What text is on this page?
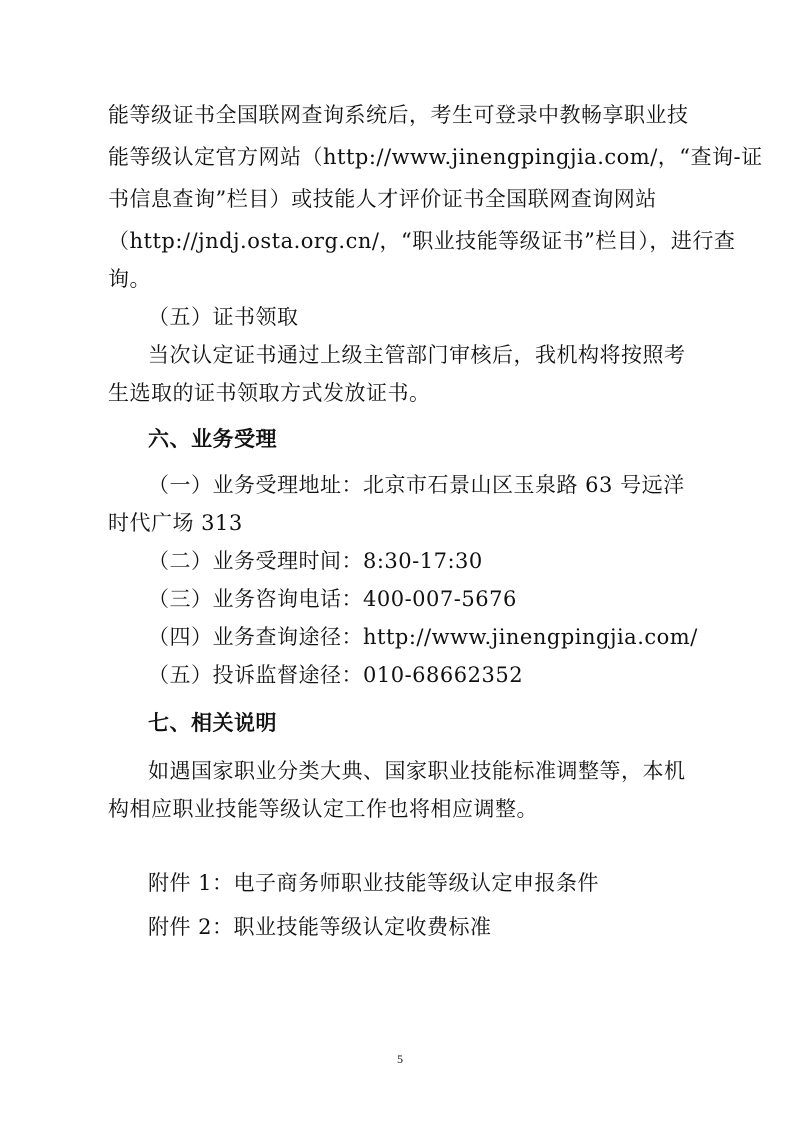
能等级证书全国联网查询系统后，考生可登录中教畅享职业技
能等级认定官方网站（http://www.jinengpingjia.com/，“查询-证
书信息查询”栏目）或技能人才评价证书全国联网查询网站
（http://jndj.osta.org.cn/，“职业技能等级证书”栏目），进行查
询。
（五）证书领取
当次认定证书通过上级主管部门审核后，我机构将按照考
生选取的证书领取方式发放证书。
六、业务受理
（一）业务受理地址：北京市石景山区玉泉路 63 号远洋
时代广场 313
（二）业务受理时间：8:30-17:30
（三）业务咨询电话：400-007-5676
（四）业务查询途径：http://www.jinengpingjia.com/
（五）投诉监督途径：010-68662352
七、相关说明
如遇国家职业分类大典、国家职业技能标准调整等，本机
构相应职业技能等级认定工作也将相应调整。
附件 1：电子商务师职业技能等级认定申报条件
附件 2：职业技能等级认定收费标准
5
